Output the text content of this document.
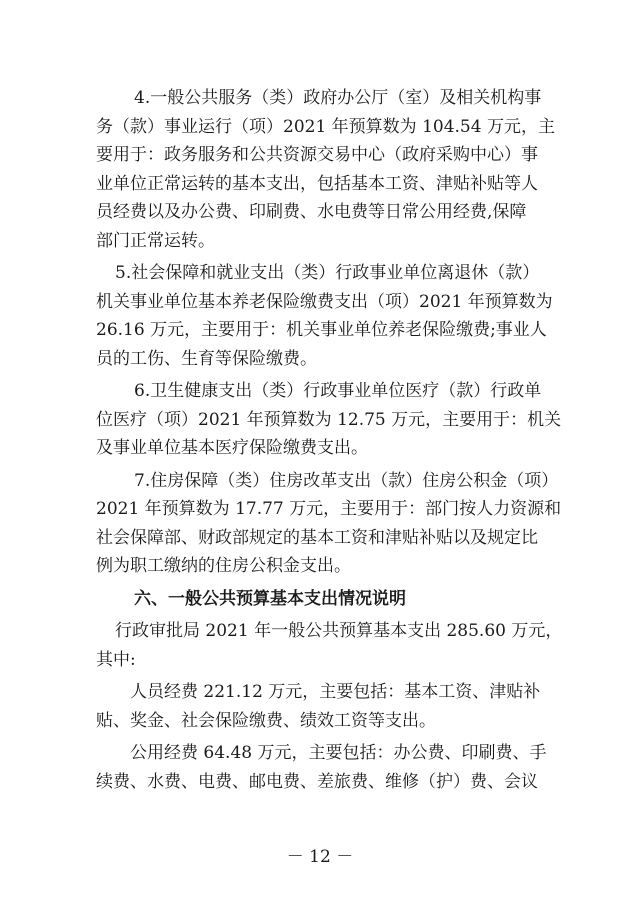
4.一般公共服务（类）政府办公厅（室）及相关机构事
务（款）事业运行（项）2021 年预算数为 104.54 万元，主
要用于：政务服务和公共资源交易中心（政府采购中心）事
业单位正常运转的基本支出，包括基本工资、津贴补贴等人
员经费以及办公费、印刷费、水电费等日常公用经费,保障
部门正常运转。
5.社会保障和就业支出（类）行政事业单位离退休（款）
机关事业单位基本养老保险缴费支出（项）2021 年预算数为
26.16 万元，主要用于：机关事业单位养老保险缴费;事业人
员的工伤、生育等保险缴费。
6.卫生健康支出（类）行政事业单位医疗（款）行政单
位医疗（项）2021 年预算数为 12.75 万元，主要用于：机关
及事业单位基本医疗保险缴费支出。
7.住房保障（类）住房改革支出（款）住房公积金（项）
2021 年预算数为 17.77 万元，主要用于：部门按人力资源和
社会保障部、财政部规定的基本工资和津贴补贴以及规定比
例为职工缴纳的住房公积金支出。
六、一般公共预算基本支出情况说明
行政审批局 2021 年一般公共预算基本支出 285.60 万元，
其中:
人员经费 221.12 万元，主要包括：基本工资、津贴补
贴、奖金、社会保险缴费、绩效工资等支出。
公用经费 64.48 万元，主要包括：办公费、印刷费、手
续费、水费、电费、邮电费、差旅费、维修（护）费、会议
－ 12 －
